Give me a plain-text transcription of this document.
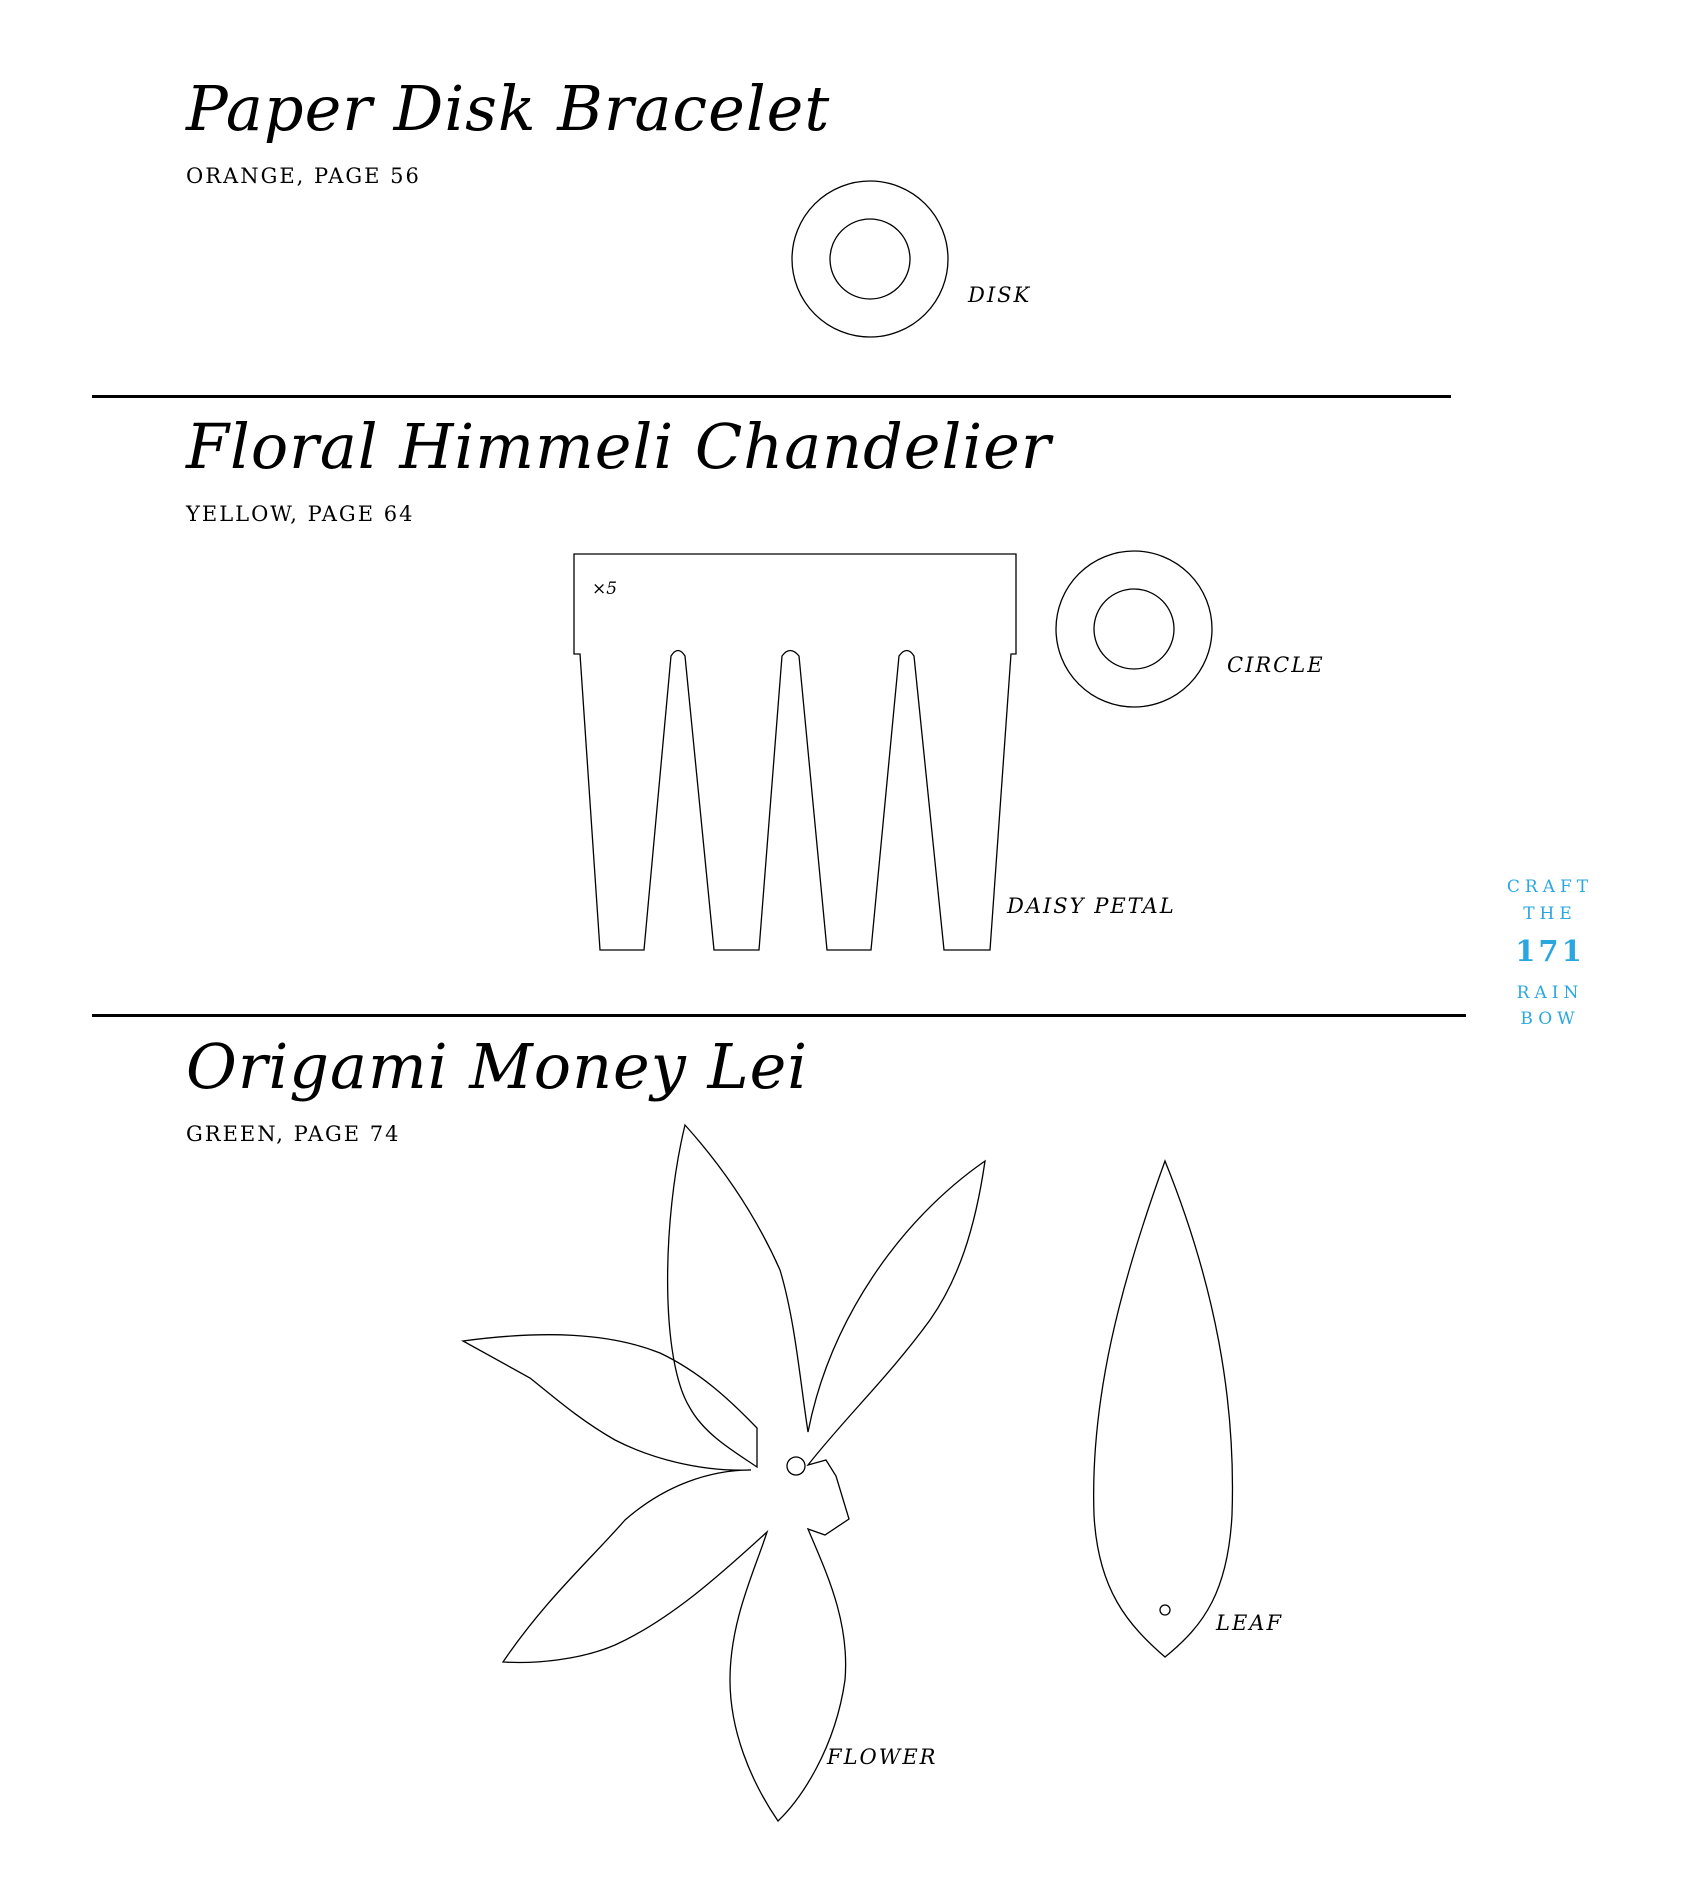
Paper Disk Bracelet
ORANGE, PAGE 56
Floral Himmeli Chandelier
YELLOW, PAGE 64
Origami Money Lei
GREEN, PAGE 74
DISK
×5
DAISY PETAL
CIRCLE
FLOWER
LEAF
CRAFT
THE
171
RAIN
BOW
